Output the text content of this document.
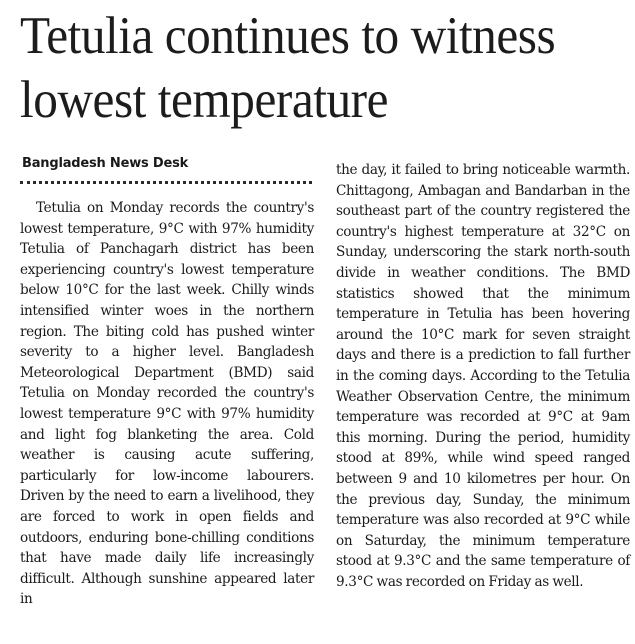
Tetulia continues to witness lowest temperature
Bangladesh News Desk

Tetulia on Monday records the country's lowest temperature, 9°C with 97% humidity Tetulia of Panchagarh district has been experiencing country's lowest temperature below 10°C for the last week. Chilly winds intensified winter woes in the northern region. The biting cold has pushed winter severity to a higher level. Bangladesh Meteorological Department (BMD) said Tetulia on Monday recorded the country's lowest temperature 9°C with 97% humidity and light fog blanketing the area. Cold weather is causing acute suffering, particularly for low-income labourers. Driven by the need to earn a livelihood, they are forced to work in open fields and outdoors, enduring bone-chilling conditions that have made daily life increasingly difficult. Although sunshine appeared later in

the day, it failed to bring noticeable warmth. Chittagong, Ambagan and Bandarban in the southeast part of the country registered the country's highest temperature at 32°C on Sunday, underscoring the stark north-south divide in weather conditions. The BMD statistics showed that the minimum temperature in Tetulia has been hovering around the 10°C mark for seven straight days and there is a prediction to fall further in the coming days. According to the Tetulia Weather Observation Centre, the minimum temperature was recorded at 9°C at 9am this morning. During the period, humidity stood at 89%, while wind speed ranged between 9 and 10 kilometres per hour. On the previous day, Sunday, the minimum temperature was also recorded at 9°C while on Saturday, the minimum temperature stood at 9.3°C and the same temperature of 9.3°C was recorded on Friday as well.
